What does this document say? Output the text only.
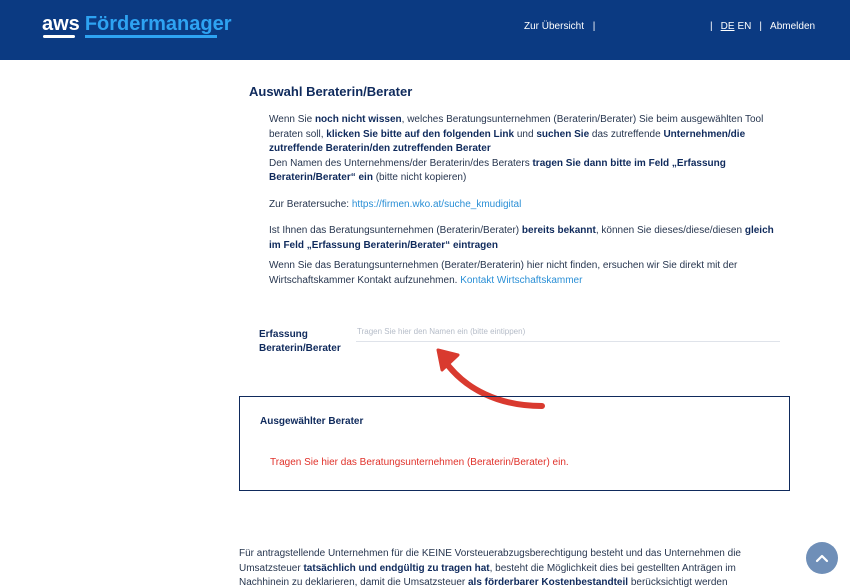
aws Fördermanager	Zur Übersicht |	| DE EN | Abmelden
Auswahl Beraterin/Berater
Wenn Sie noch nicht wissen, welches Beratungsunternehmen (Beraterin/Berater) Sie beim ausgewählten Tool beraten soll, klicken Sie bitte auf den folgenden Link und suchen Sie das zutreffende Unternehmen/die zutreffende Beraterin/den zutreffenden Berater
Den Namen des Unternehmens/der Beraterin/des Beraters tragen Sie dann bitte im Feld „Erfassung Beraterin/Berater“ ein (bitte nicht kopieren)
Zur Beratersuche: https://firmen.wko.at/suche_kmudigital
Ist Ihnen das Beratungsunternehmen (Beraterin/Berater) bereits bekannt, können Sie dieses/diese/diesen gleich im Feld „Erfassung Beraterin/Berater“ eintragen
Wenn Sie das Beratungsunternehmen (Berater/Beraterin) hier nicht finden, ersuchen wir Sie direkt mit der Wirtschaftskammer Kontakt aufzunehmen. Kontakt Wirtschaftskammer
Erfassung
Beraterin/Berater
Tragen Sie hier den Namen ein (bitte eintippen)
Ausgewählter Berater
Tragen Sie hier das Beratungsunternehmen (Beraterin/Berater) ein.
Für antragstellende Unternehmen für die KEINE Vorsteuerabzugsberechtigung besteht und das Unternehmen die Umsatzsteuer tatsächlich und endgültig zu tragen hat, besteht die Möglichkeit dies bei gestellten Anträgen im Nachhinein zu deklarieren, damit die Umsatzsteuer als förderbarer Kostenbestandteil berücksichtigt werden
